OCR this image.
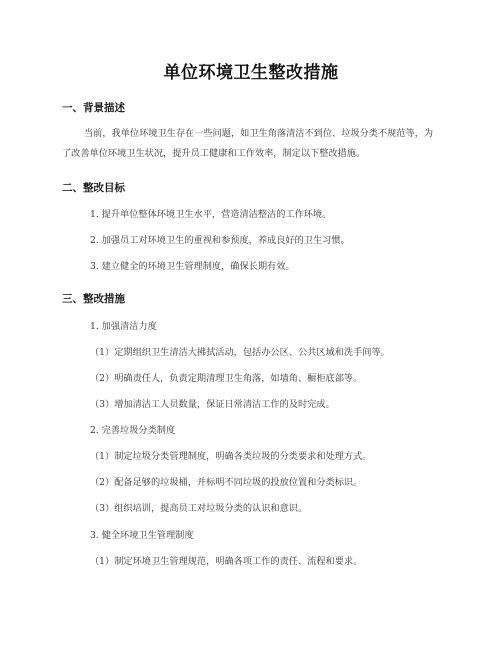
单位环境卫生整改措施
一、背景描述
当前，我单位环境卫生存在一些问题，如卫生角落清洁不到位、垃圾分类不规范等，为了改善单位环境卫生状况，提升员工健康和工作效率，制定以下整改措施。
二、整改目标
1. 提升单位整体环境卫生水平，营造清洁整洁的工作环境。
2. 加强员工对环境卫生的重视和参预度，养成良好的卫生习惯。
3. 建立健全的环境卫生管理制度，确保长期有效。
三、整改措施
1. 加强清洁力度
（1）定期组织卫生清洁大拂拭活动，包括办公区、公共区域和洗手间等。
（2）明确责任人，负责定期清理卫生角落，如墙角、橱柜底部等。
（3）增加清洁工人员数量，保证日常清洁工作的及时完成。
2. 完善垃圾分类制度
（1）制定垃圾分类管理制度，明确各类垃圾的分类要求和处理方式。
（2）配备足够的垃圾桶，并标明不同垃圾的投放位置和分类标识。
（3）组织培训，提高员工对垃圾分类的认识和意识。
3. 健全环境卫生管理制度
（1）制定环境卫生管理规范，明确各项工作的责任、流程和要求。
